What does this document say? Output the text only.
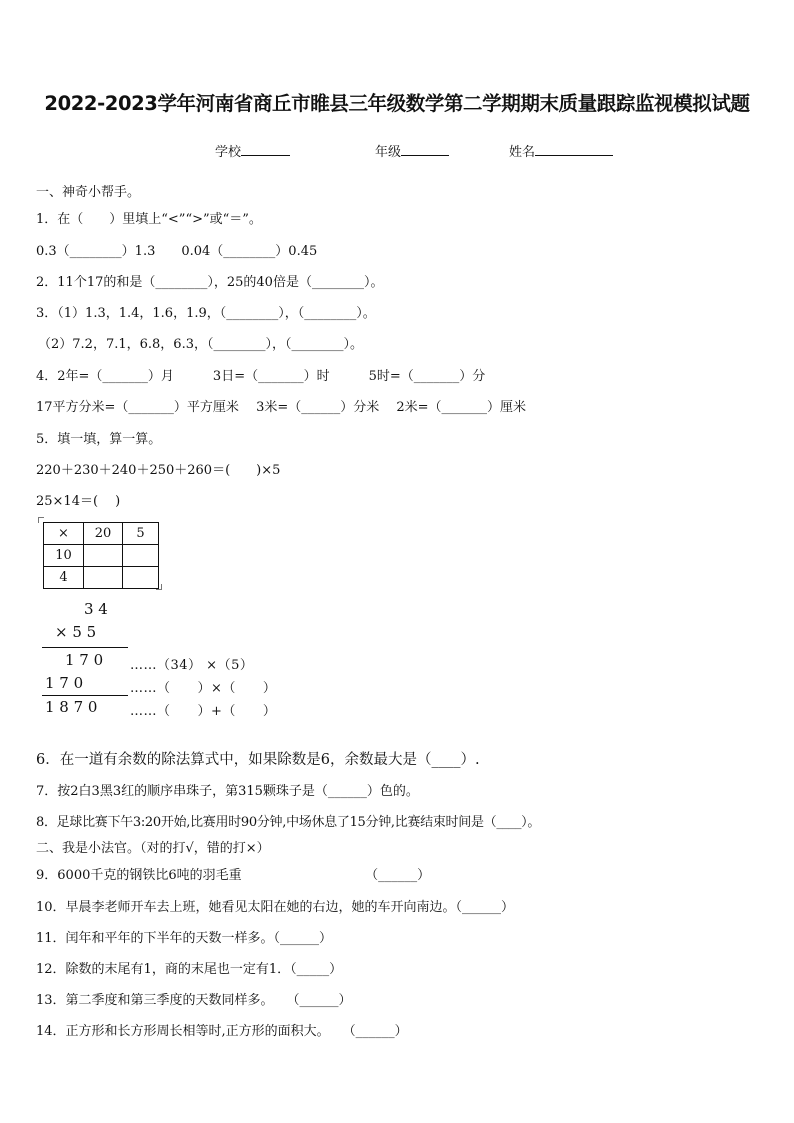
2022-2023学年河南省商丘市睢县三年级数学第二学期期末质量跟踪监视模拟试题
学校	年级	姓名
一、神奇小帮手。
1．在（　　）里填上“<”“>”或“＝”。
0.3（________）1.3　　0.04（________）0.45
2．11个17的和是（________），25的40倍是（________）。
3．（1）1.3，1.4，1.6，1.9，（________），（________）。
（2）7.2，7.1，6.8，6.3，（________），（________）。
4．2年=（_______）月　　　3日=（_______）时　　　5时=（_______）分
17平方分米=（_______）平方厘米　 3米=（______）分米　 2米=（_______）厘米
5．填一填，算一算。
220＋230＋240＋250＋260＝(　　)×5
25×14＝(　 )
×	20	5
10		
4		
3 4
× 5 5
1 7 0
1 7 0
1 8 7 0
……（34） ×（5）
……（　　）×（　　）
……（　　）+（　　）
6．在一道有余数的除法算式中，如果除数是6，余数最大是（____）.
7．按2白3黑3红的顺序串珠子，第315颗珠子是（______）色的。
8．足球比赛下午3:20开始,比赛用时90分钟,中场休息了15分钟,比赛结束时间是（____）。
二、我是小法官。（对的打√，错的打×）
9．6000千克的钢铁比6吨的羽毛重　　　　　　　　　　（______）
10．早晨李老师开车去上班，她看见太阳在她的右边，她的车开向南边。（______）
11．闰年和平年的下半年的天数一样多。（______）
12．除数的末尾有1，商的末尾也一定有1．（_____）
13．第二季度和第三季度的天数同样多。　　（______）
14．正方形和长方形周长相等时,正方形的面积大。　　（______）
